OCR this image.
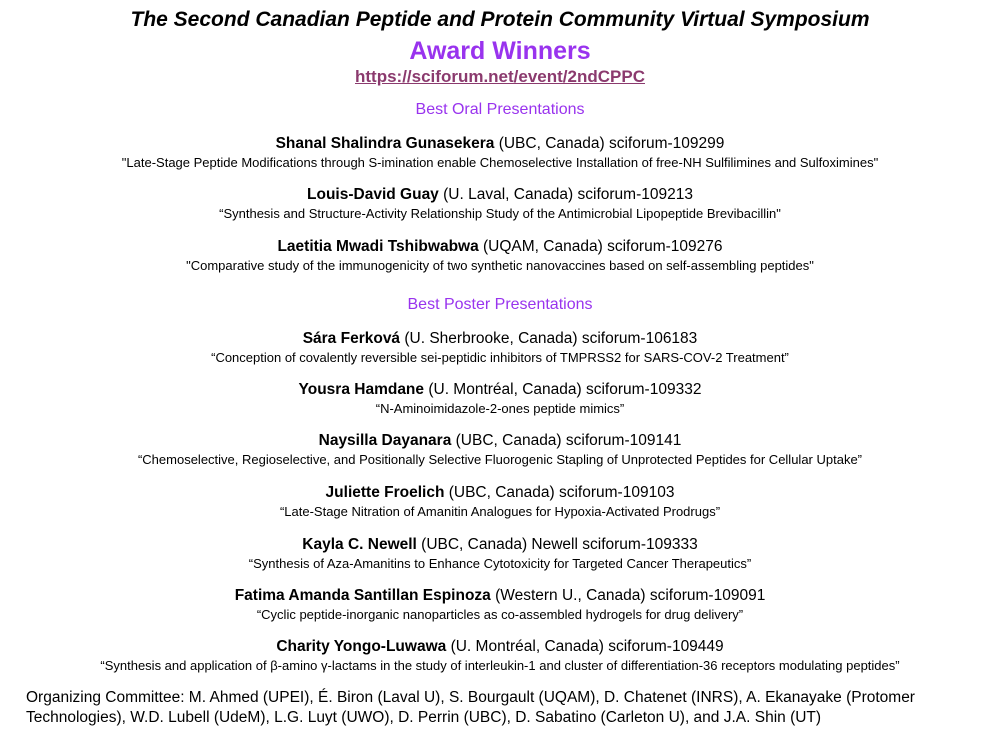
The Second Canadian Peptide and Protein Community Virtual Symposium
Award Winners
https://sciforum.net/event/2ndCPPC
Best Oral Presentations
Shanal Shalindra Gunasekera (UBC, Canada) sciforum-109299
"Late-Stage Peptide Modifications through S-imination enable Chemoselective Installation of free-NH Sulfilimines and Sulfoximines"
Louis-David Guay (U. Laval, Canada) sciforum-109213
“Synthesis and Structure-Activity Relationship Study of the Antimicrobial Lipopeptide Brevibacillin"
Laetitia Mwadi Tshibwabwa (UQAM, Canada) sciforum-109276
"Comparative study of the immunogenicity of two synthetic nanovaccines based on self-assembling peptides"
Best Poster Presentations
Sára Ferková (U. Sherbrooke, Canada) sciforum-106183
“Conception of covalently reversible sei-peptidic inhibitors of TMPRSS2 for SARS-COV-2 Treatment”
Yousra Hamdane (U. Montréal, Canada) sciforum-109332
“N-Aminoimidazole-2-ones peptide mimics”
Naysilla Dayanara (UBC, Canada) sciforum-109141
“Chemoselective, Regioselective, and Positionally Selective Fluorogenic Stapling of Unprotected Peptides for Cellular Uptake”
Juliette Froelich (UBC, Canada) sciforum-109103
“Late-Stage Nitration of Amanitin Analogues for Hypoxia-Activated Prodrugs”
Kayla C. Newell (UBC, Canada) Newell sciforum-109333
“Synthesis of Aza-Amanitins to Enhance Cytotoxicity for Targeted Cancer Therapeutics”
Fatima Amanda Santillan Espinoza (Western U., Canada) sciforum-109091
“Cyclic peptide-inorganic nanoparticles as co-assembled hydrogels for drug delivery”
Charity Yongo-Luwawa (U. Montréal, Canada) sciforum-109449
“Synthesis and application of β-amino γ-lactams in the study of interleukin-1 and cluster of differentiation-36 receptors modulating peptides”
Organizing Committee: M. Ahmed (UPEI), É. Biron (Laval U), S. Bourgault (UQAM), D. Chatenet (INRS), A. Ekanayake (Protomer Technologies), W.D. Lubell (UdeM), L.G. Luyt (UWO), D. Perrin (UBC), D. Sabatino (Carleton U), and J.A. Shin (UT)
